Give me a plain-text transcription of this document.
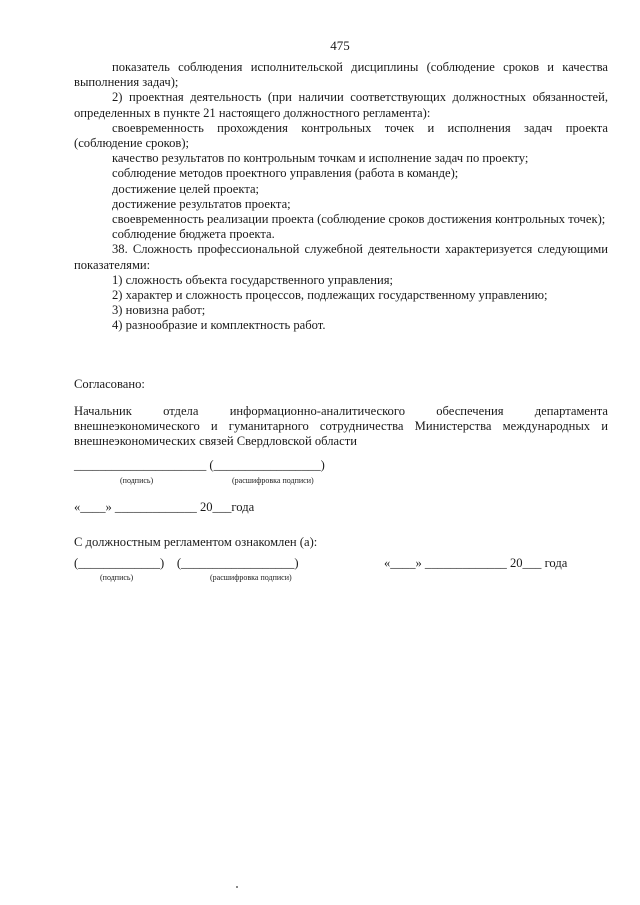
475

показатель соблюдения исполнительской дисциплины (соблюдение сроков и качества выполнения задач);

2) проектная деятельность (при наличии соответствующих должностных обязанностей, определенных в пункте 21 настоящего должностного регламента):

своевременность прохождения контрольных точек и исполнения задач проекта (соблюдение сроков);

качество результатов по контрольным точкам и исполнение задач по проекту;

соблюдение методов проектного управления (работа в команде);

достижение целей проекта;

достижение результатов проекта;

своевременность реализации проекта (соблюдение сроков достижения контрольных точек);

соблюдение бюджета проекта.

38. Сложность профессиональной служебной деятельности характеризуется следующими показателями:

1) сложность объекта государственного управления;

2) характер и сложность процессов, подлежащих государственному управлению;

3) новизна работ;

4) разнообразие и комплектность работ.

Согласовано:
Начальник отдела информационно-аналитического обеспечения департамента внешнеэкономического и гуманитарного сотрудничества Министерства международных и внешнеэкономических связей Свердловской области
_____________________ (_________________)
(подпись)	(расшифровка подписи)
«____» _____________ 20___года
С должностным регламентом ознакомлен (а):
(_____________)    (__________________)
(подпись)	(расшифровка подписи)
«____» _____________ 20___ года
